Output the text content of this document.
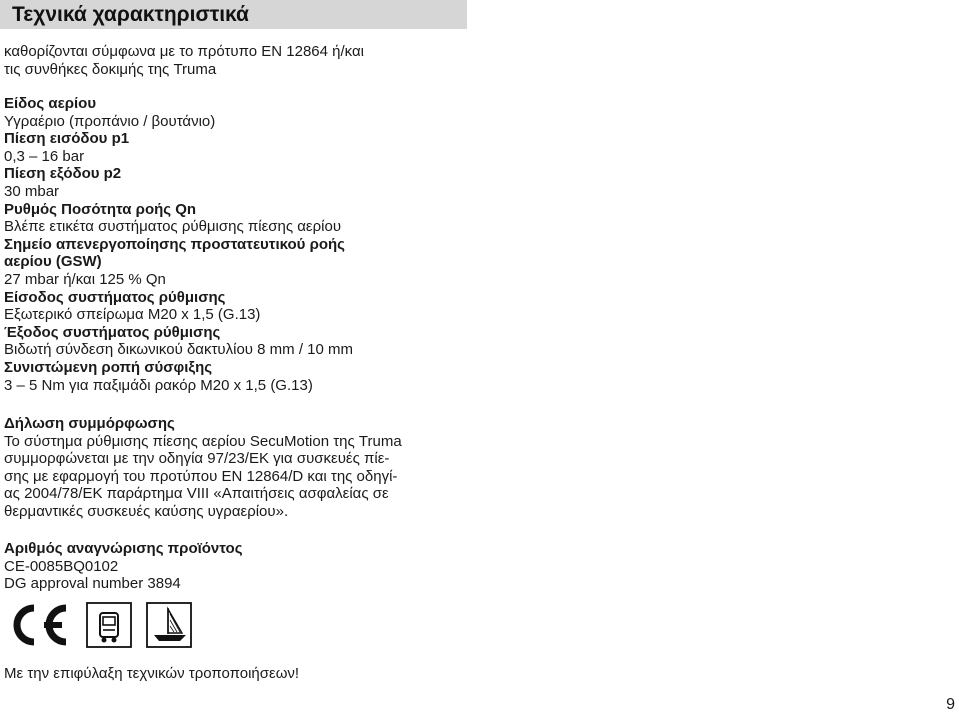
Τεχνικά χαρακτηριστικά

καθορίζονται σύμφωνα με το πρότυπο EN 12864 ή/και

τις συνθήκες δοκιμής της Truma

Είδος αερίου

Υγραέριο (προπάνιο / βουτάνιο)

Πίεση εισόδου p1

0,3 – 16 bar

Πίεση εξόδου p2

30 mbar

Ρυθμός Ποσότητα ροής Qn

Βλέπε ετικέτα συστήματος ρύθμισης πίεσης αερίου

Σημείο απενεργοποίησης προστατευτικού ροής

αερίου (GSW)

27 mbar ή/και 125 % Qn

Είσοδος συστήματος ρύθμισης

Εξωτερικό σπείρωμα M20 x 1,5 (G.13)

Έξοδος συστήματος ρύθμισης

Βιδωτή σύνδεση δικωνικού δακτυλίου 8 mm / 10 mm

Συνιστώμενη ροπή σύσφιξης

3 – 5 Nm για παξιμάδι ρακόρ M20 x 1,5 (G.13)

Δήλωση συμμόρφωσης

Το σύστημα ρύθμισης πίεσης αερίου SecuMotion της Truma

συμμορφώνεται με την οδηγία 97/23/ΕΚ για συσκευές πίε-

σης με εφαρμογή του προτύπου EN 12864/D και της οδηγί-

ας 2004/78/ΕΚ παράρτημα VIII «Απαιτήσεις ασφαλείας σε

θερμαντικές συσκευές καύσης υγραερίου».

Αριθμός αναγνώρισης προϊόντος

CE-0085BQ0102

DG approval number 3894

Με την επιφύλαξη τεχνικών τροποποιήσεων!

9
